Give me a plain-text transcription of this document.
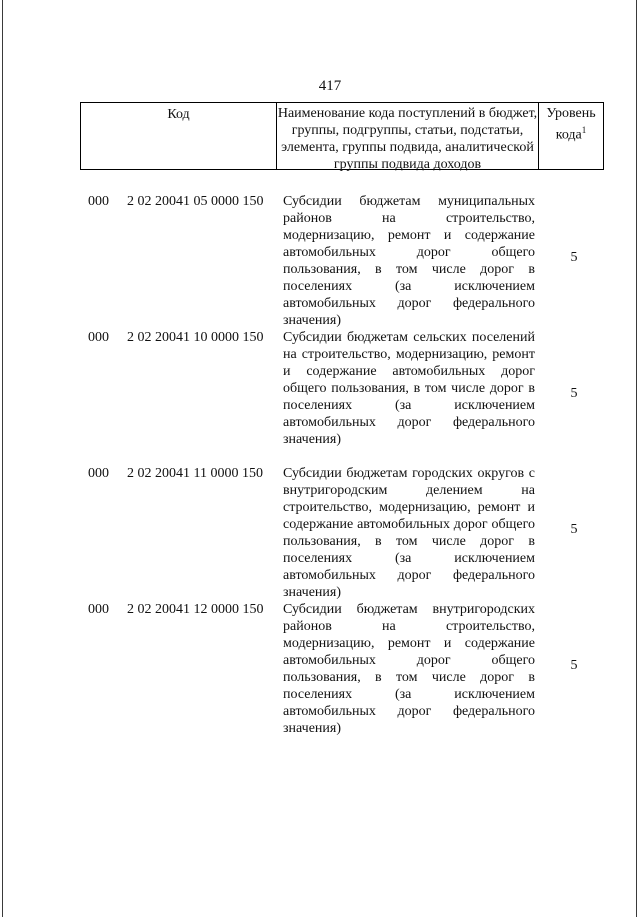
417
Код	Наименование кода поступлений в бюджет, группы, подгруппы, статьи, подстатьи, элемента, группы подвида, аналитической группы подвида доходов
Уровень кода$^1$
000 2 02 20041 05 0000 150 Субсидии бюджетам муниципальных районов на строительство, модернизацию, ремонт и содержание автомобильных дорог общего пользования, в том числе дорог в поселениях (за исключением автомобильных дорог федерального значения)
5
000 2 02 20041 10 0000 150 Субсидии бюджетам сельских поселений на строительство, модернизацию, ремонт и содержание автомобильных дорог общего пользования, в том числе дорог в поселениях (за исключением автомобильных дорог федерального значения)
5
000 2 02 20041 11 0000 150 Субсидии бюджетам городских округов с внутригородским делением на строительство, модернизацию, ремонт и содержание автомобильных дорог общего пользования, в том числе дорог в поселениях (за исключением автомобильных дорог федерального значения)
5
000 2 02 20041 12 0000 150 Субсидии бюджетам внутригородских районов на строительство, модернизацию, ремонт и содержание автомобильных дорог общего пользования, в том числе дорог в поселениях (за исключением автомобильных дорог федерального значения)
5
